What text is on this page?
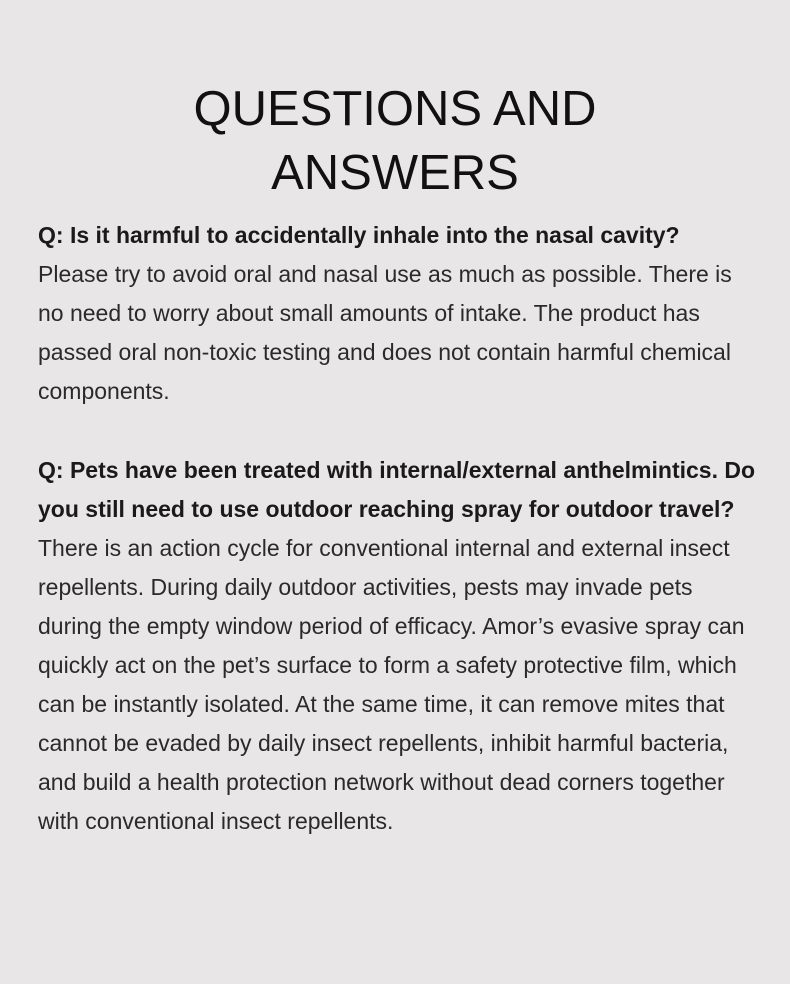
QUESTIONS AND
ANSWERS

Q: Is it harmful to accidentally inhale into the nasal cavity?

Please try to avoid oral and nasal use as much as possible. There is no need to worry about small amounts of intake. The product has passed oral non-toxic testing and does not contain harmful chemical components.

Q: Pets have been treated with internal/external anthelmintics. Do you still need to use outdoor reaching spray for outdoor travel?

There is an action cycle for conventional internal and external insect repellents. During daily outdoor activities, pests may invade pets during the empty window period of efficacy. Amor’s evasive spray can quickly act on the pet’s surface to form a safety protective film, which can be instantly isolated. At the same time, it can remove mites that cannot be evaded by daily insect repellents, inhibit harmful bacteria, and build a health protection network without dead corners together with conventional insect repellents.
